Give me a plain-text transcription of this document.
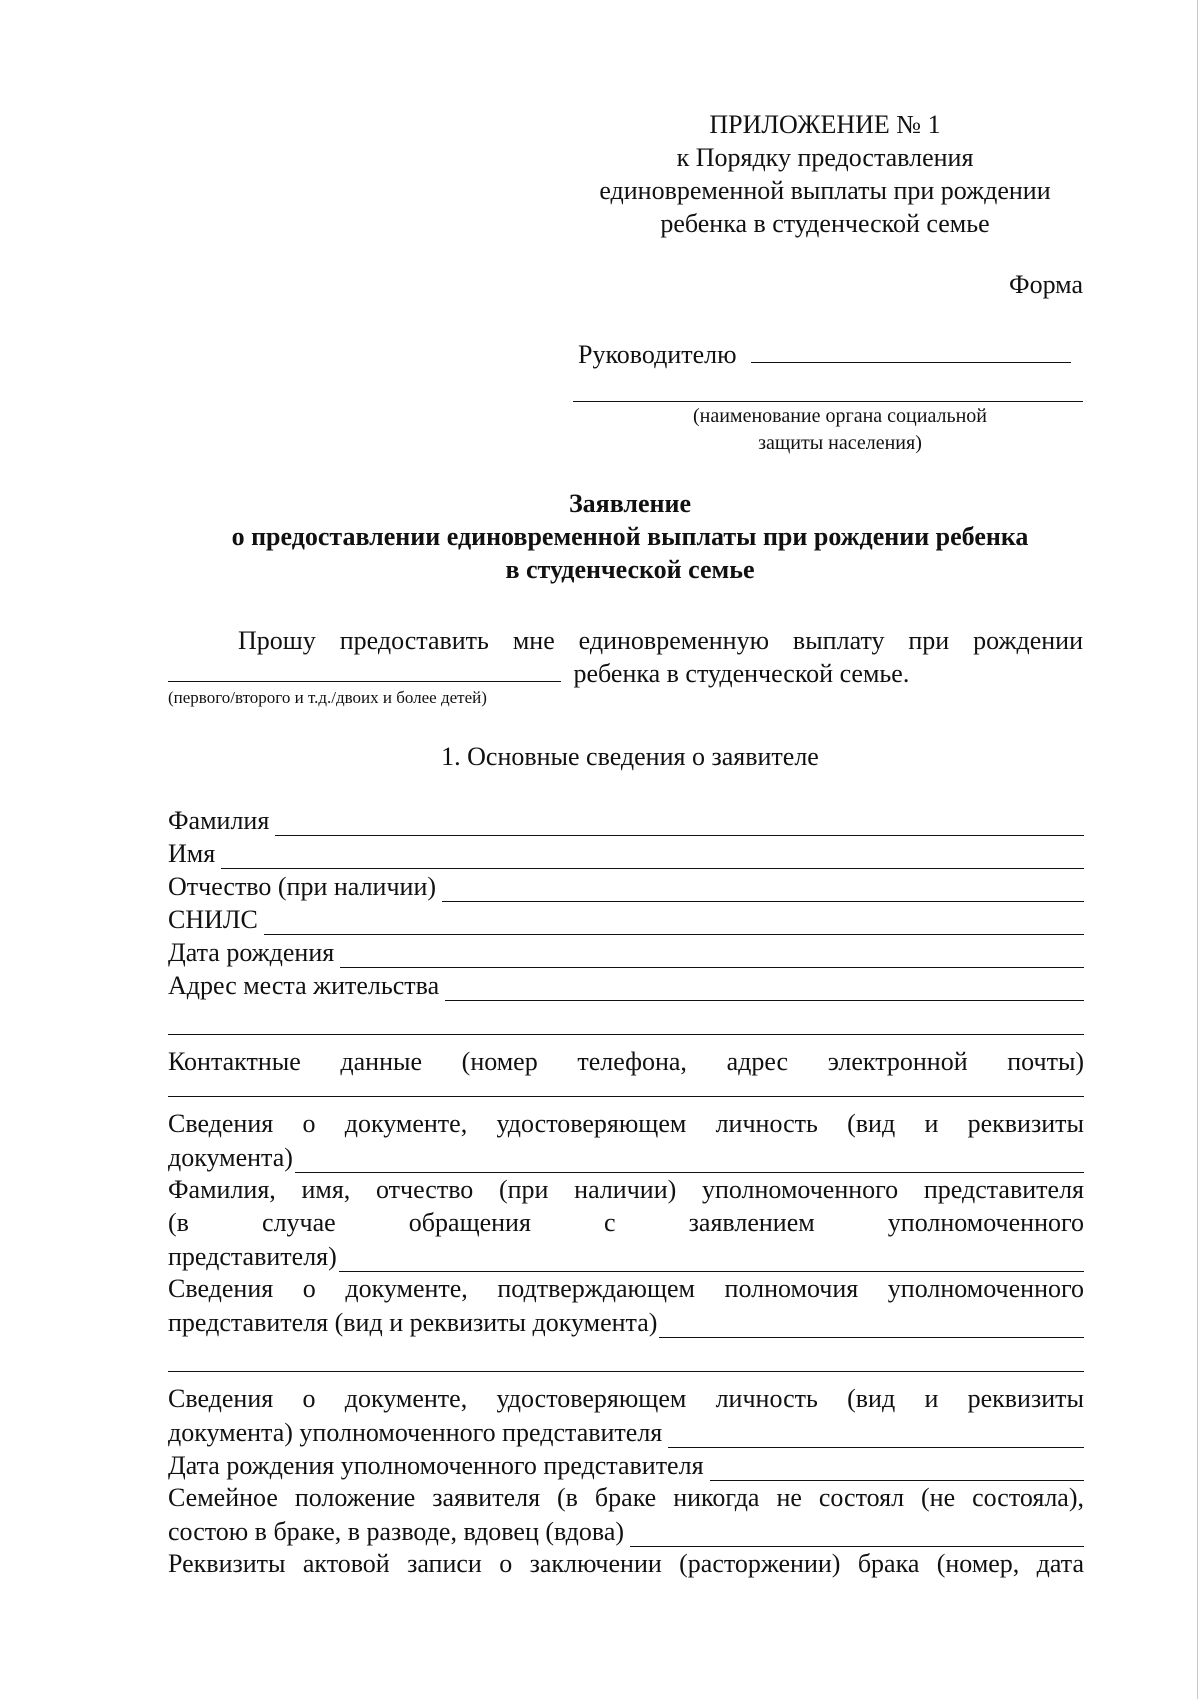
ПРИЛОЖЕНИЕ № 1
к Порядку предоставления
единовременной выплаты при рождении
ребенка в студенческой семье
Форма
Руководителю
(наименование органа социальной
защиты населения)
Заявление
о предоставлении единовременной выплаты при рождении ребенка
в студенческой семье
Прошу предоставить мне единовременную выплату при рождении
ребенка в студенческой семье.
(первого/второго и т.д./двоих и более детей)
1. Основные сведения о заявителе
Фамилия
Имя
Отчество (при наличии)
СНИЛС
Дата рождения
Адрес места жительства
Контактные данные (номер телефона, адрес электронной почты)
Сведения о документе, удостоверяющем личность (вид и реквизиты
документа)
Фамилия, имя, отчество (при наличии) уполномоченного представителя
(в	случае	обращения	с	заявлением	уполномоченного
представителя)
Сведения о документе, подтверждающем полномочия уполномоченного
представителя (вид и реквизиты документа)
Сведения о документе, удостоверяющем личность (вид и реквизиты
документа) уполномоченного представителя
Дата рождения уполномоченного представителя
Семейное положение заявителя (в браке никогда не состоял (не состояла),
состою в браке, в разводе, вдовец (вдова)
Реквизиты актовой записи о заключении (расторжении) брака (номер, дата
